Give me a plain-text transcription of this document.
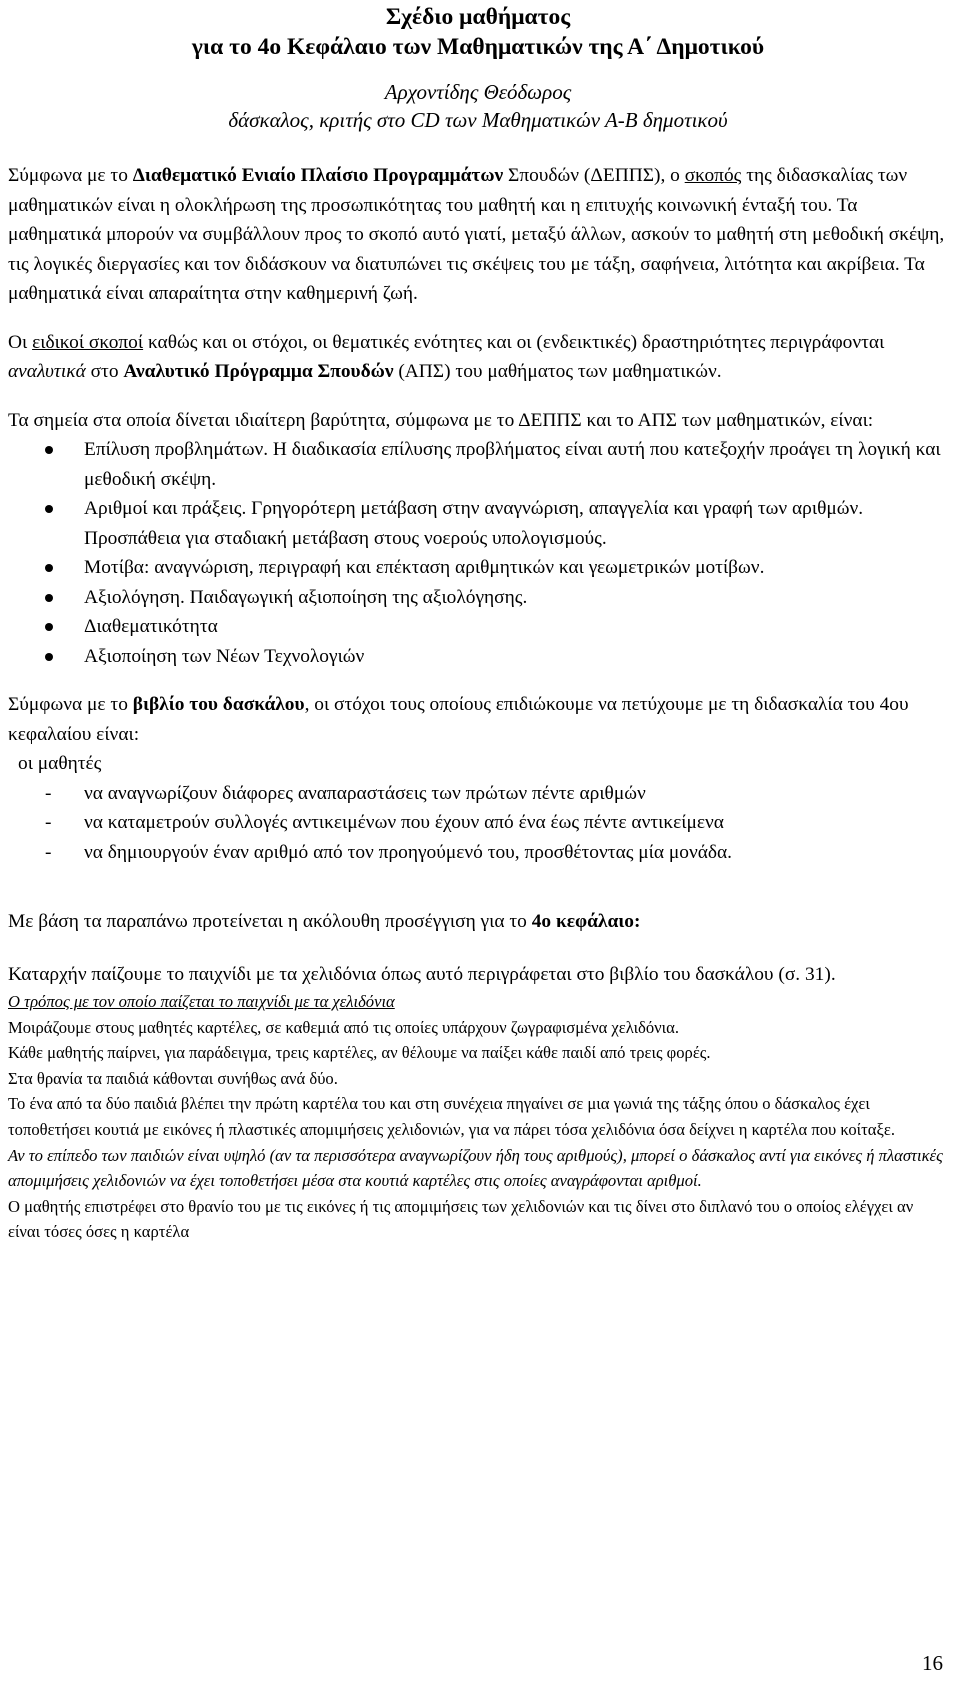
Σχέδιο μαθήματος
για το 4ο Κεφάλαιο των Μαθηματικών της Α΄ Δημοτικού
Αρχοντίδης Θεόδωρος
δάσκαλος, κριτής στο CD των Μαθηματικών Α-Β δημοτικού

Σύμφωνα με το Διαθεματικό Ενιαίο Πλαίσιο Προγραμμάτων Σπουδών (ΔΕΠΠΣ), ο σκοπός της διδασκαλίας των μαθηματικών είναι η ολοκλήρωση της προσωπικότητας του μαθητή και η επιτυχής κοινωνική ένταξή του. Τα μαθηματικά μπορούν να συμβάλλουν προς το σκοπό αυτό γιατί, μεταξύ άλλων, ασκούν το μαθητή στη μεθοδική σκέψη, τις λογικές διεργασίες και τον διδάσκουν να διατυπώνει τις σκέψεις του με τάξη, σαφήνεια, λιτότητα και ακρίβεια. Τα μαθηματικά είναι απαραίτητα στην καθημερινή ζωή.

Οι ειδικοί σκοποί καθώς και οι στόχοι, οι θεματικές ενότητες και οι (ενδεικτικές) δραστηριότητες περιγράφονται αναλυτικά στο Αναλυτικό Πρόγραμμα Σπουδών (ΑΠΣ) του μαθήματος των μαθηματικών.

Τα σημεία στα οποία δίνεται ιδιαίτερη βαρύτητα, σύμφωνα με το ΔΕΠΠΣ και το ΑΠΣ των μαθηματικών, είναι:

Επίλυση προβλημάτων. Η διαδικασία επίλυσης προβλήματος είναι αυτή που κατεξοχήν προάγει τη λογική και μεθοδική σκέψη.
Αριθμοί και πράξεις. Γρηγορότερη μετάβαση στην αναγνώριση, απαγγελία και γραφή των αριθμών. Προσπάθεια για σταδιακή μετάβαση στους νοερούς υπολογισμούς.
Μοτίβα: αναγνώριση, περιγραφή και επέκταση αριθμητικών και γεωμετρικών μοτίβων.
Αξιολόγηση. Παιδαγωγική αξιοποίηση της αξιολόγησης.
Διαθεματικότητα
Αξιοποίηση των Νέων Τεχνολογιών

Σύμφωνα με το βιβλίο του δασκάλου, οι στόχοι τους οποίους επιδιώκουμε να πετύχουμε με τη διδασκαλία του 4ου κεφαλαίου είναι:

οι μαθητές

- να αναγνωρίζουν διάφορες αναπαραστάσεις των πρώτων πέντε αριθμών
- να καταμετρούν συλλογές αντικειμένων που έχουν από ένα έως πέντε αντικείμενα
- να δημιουργούν έναν αριθμό από τον προηγούμενό του, προσθέτοντας μία μονάδα.

Με βάση τα παραπάνω προτείνεται η ακόλουθη προσέγγιση για το 4ο κεφάλαιο:

Καταρχήν παίζουμε το παιχνίδι με τα χελιδόνια όπως αυτό περιγράφεται στο βιβλίο του δασκάλου (σ. 31).

Ο τρόπος με τον οποίο παίζεται το παιχνίδι με τα χελιδόνια

Μοιράζουμε στους μαθητές καρτέλες, σε καθεμιά από τις οποίες υπάρχουν ζωγραφισμένα χελιδόνια.

Κάθε μαθητής παίρνει, για παράδειγμα, τρεις καρτέλες, αν θέλουμε να παίξει κάθε παιδί από τρεις φορές.

Στα θρανία τα παιδιά κάθονται συνήθως ανά δύο.

Το ένα από τα δύο παιδιά βλέπει την πρώτη καρτέλα του και στη συνέχεια πηγαίνει σε μια γωνιά της τάξης όπου ο δάσκαλος έχει τοποθετήσει κουτιά με εικόνες ή πλαστικές απομιμήσεις χελιδονιών, για να πάρει τόσα χελιδόνια όσα δείχνει η καρτέλα που κοίταξε.

Αν το επίπεδο των παιδιών είναι υψηλό (αν τα περισσότερα αναγνωρίζουν ήδη τους αριθμούς), μπορεί ο δάσκαλος αντί για εικόνες ή πλαστικές απομιμήσεις χελιδονιών να έχει τοποθετήσει μέσα στα κουτιά καρτέλες στις οποίες αναγράφονται αριθμοί.

Ο μαθητής επιστρέφει στο θρανίο του με τις εικόνες ή τις απομιμήσεις των χελιδονιών και τις δίνει στο διπλανό του ο οποίος ελέγχει αν είναι τόσες όσες η καρτέλα

16
